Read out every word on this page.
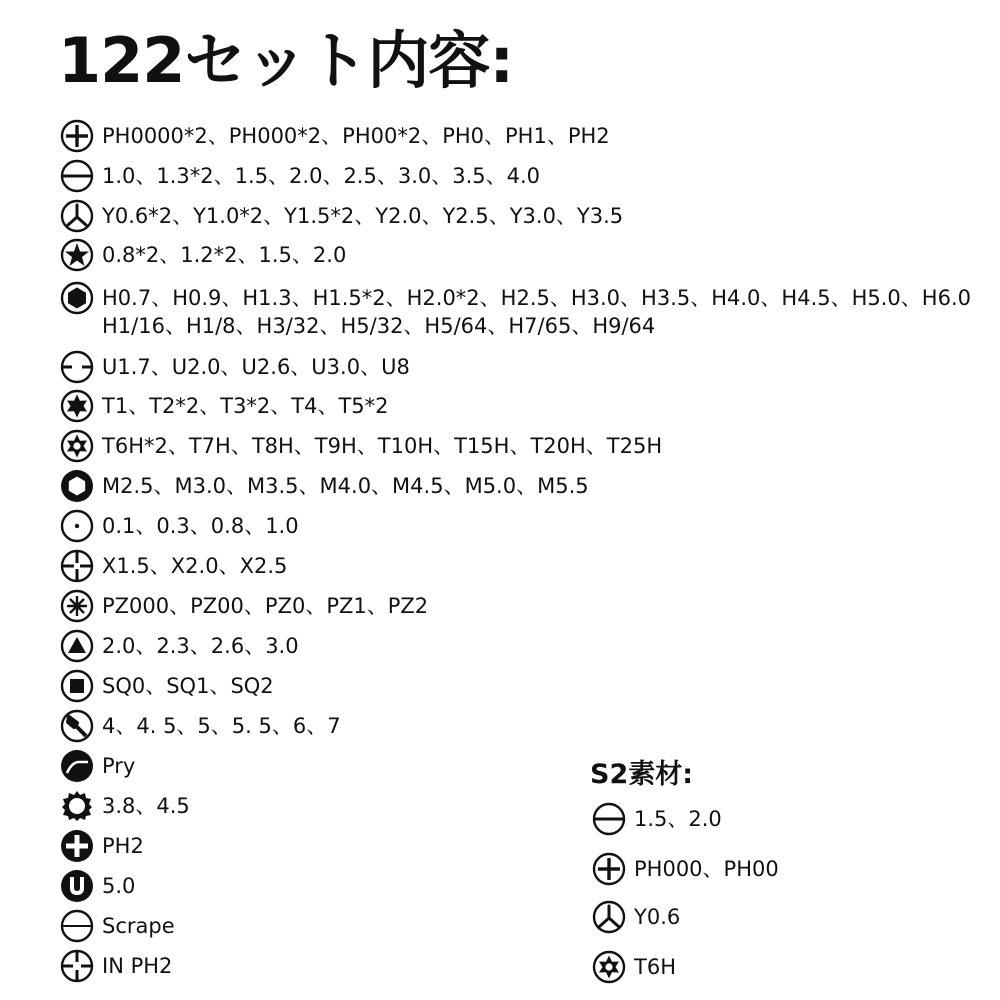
122セット内容:
PH0000*2、PH000*2、PH00*2、PH0、PH1、PH2
1.0、1.3*2、1.5、2.0、2.5、3.0、3.5、4.0
Y0.6*2、Y1.0*2、Y1.5*2、Y2.0、Y2.5、Y3.0、Y3.5
0.8*2、1.2*2、1.5、2.0
H0.7、H0.9、H1.3、H1.5*2、H2.0*2、H2.5、H3.0、H3.5、H4.0、H4.5、H5.0、H6.0
H1/16、H1/8、H3/32、H5/32、H5/64、H7/65、H9/64
U1.7、U2.0、U2.6、U3.0、U8
T1、T2*2、T3*2、T4、T5*2
T6H*2、T7H、T8H、T9H、T10H、T15H、T20H、T25H
M2.5、M3.0、M3.5、M4.0、M4.5、M5.0、M5.5
0.1、0.3、0.8、1.0
X1.5、X2.0、X2.5
PZ000、PZ00、PZ0、PZ1、PZ2
2.0、2.3、2.6、3.0
SQ0、SQ1、SQ2
4、4. 5、5、5. 5、6、7
Pry
3.8、4.5
PH2
5.0
Scrape
IN PH2
S2素材:
1.5、2.0
PH000、PH00
Y0.6
T6H
